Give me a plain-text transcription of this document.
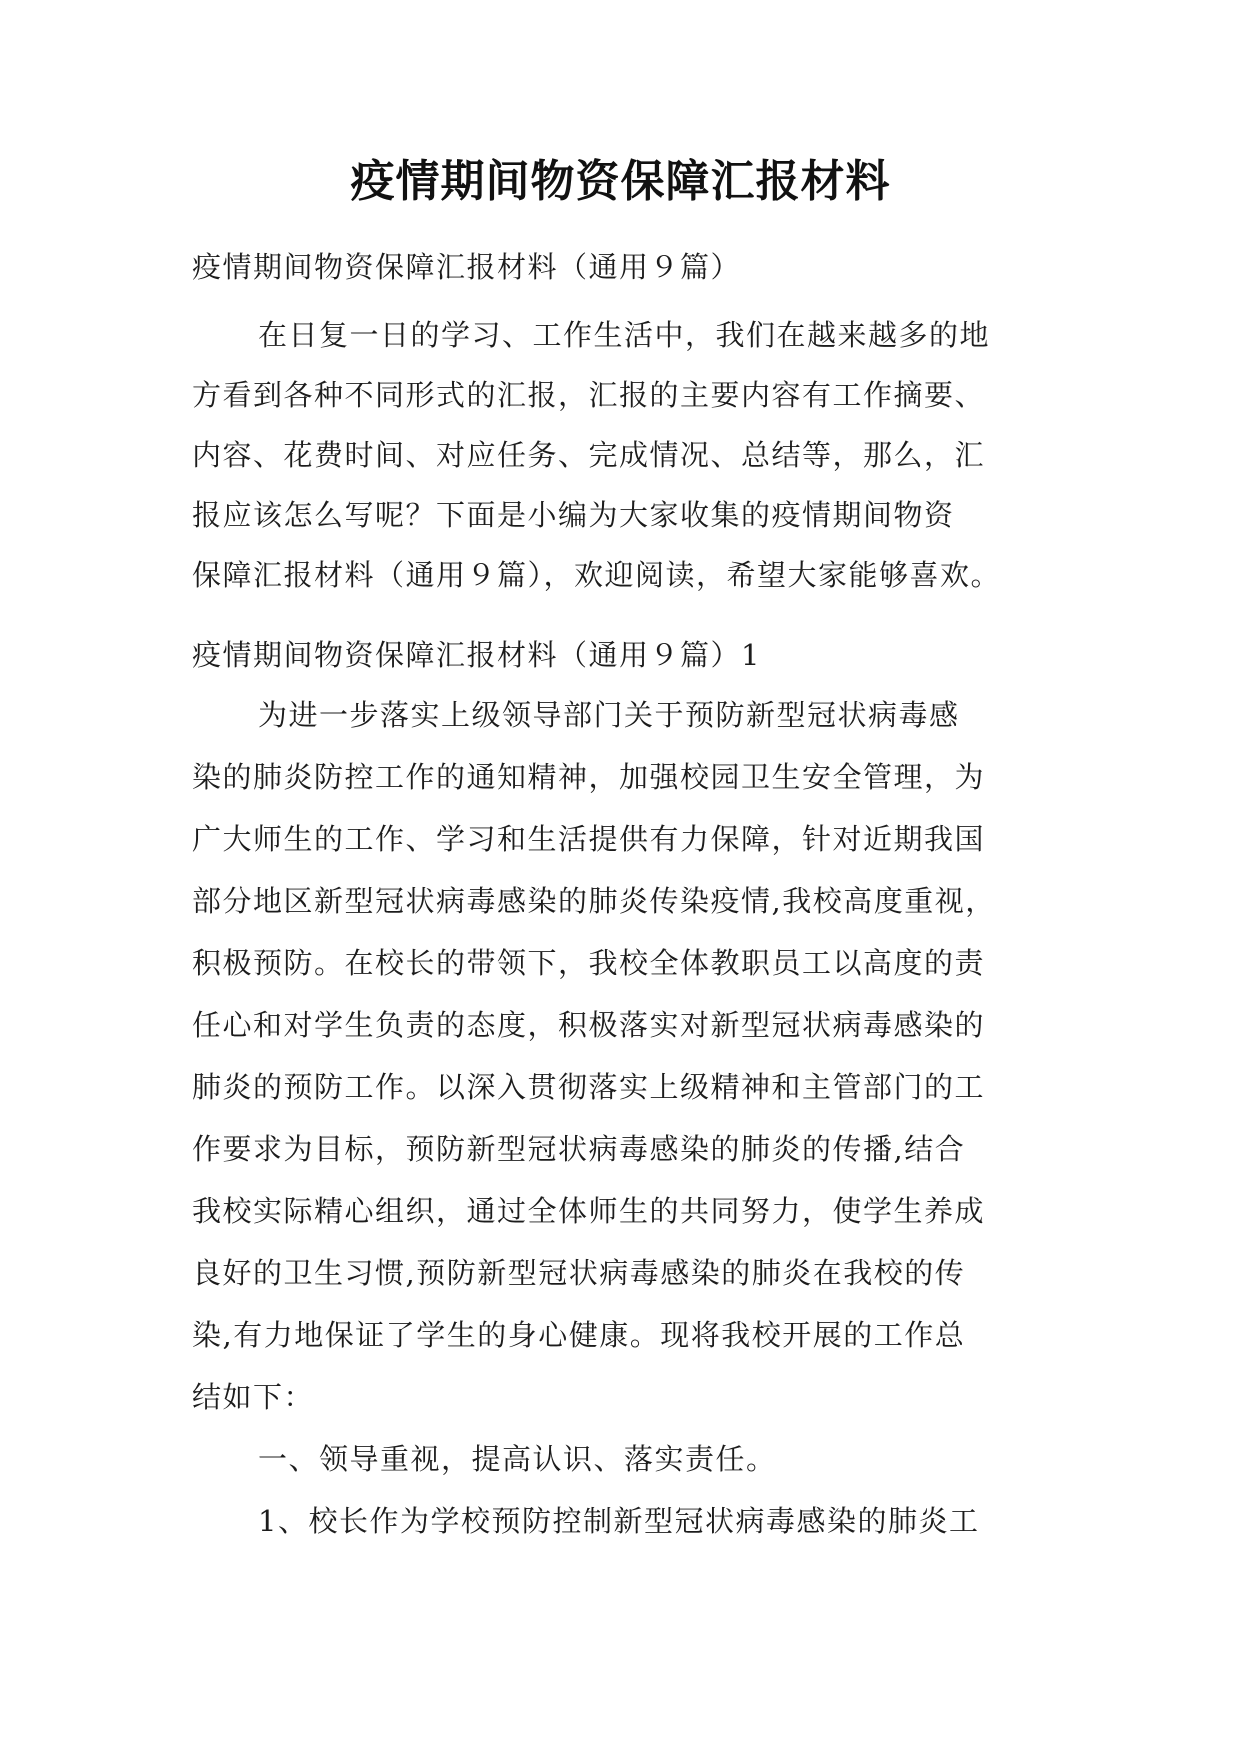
疫情期间物资保障汇报材料

疫情期间物资保障汇报材料（通用９篇）

在日复一日的学习、工作生活中，我们在越来越多的地

方看到各种不同形式的汇报，汇报的主要内容有工作摘要、

内容、花费时间、对应任务、完成情况、总结等，那么，汇

报应该怎么写呢？下面是小编为大家收集的疫情期间物资

保障汇报材料（通用９篇），欢迎阅读，希望大家能够喜欢。

疫情期间物资保障汇报材料（通用９篇）1

为进一步落实上级领导部门关于预防新型冠状病毒感

染的肺炎防控工作的通知精神，加强校园卫生安全管理，为

广大师生的工作、学习和生活提供有力保障，针对近期我国

部分地区新型冠状病毒感染的肺炎传染疫情,我校高度重视，

积极预防。在校长的带领下，我校全体教职员工以高度的责

任心和对学生负责的态度，积极落实对新型冠状病毒感染的

肺炎的预防工作。以深入贯彻落实上级精神和主管部门的工

作要求为目标，预防新型冠状病毒感染的肺炎的传播,结合

我校实际精心组织，通过全体师生的共同努力，使学生养成

良好的卫生习惯,预防新型冠状病毒感染的肺炎在我校的传

染,有力地保证了学生的身心健康。现将我校开展的工作总

结如下：

一、领导重视，提高认识、落实责任。

1、校长作为学校预防控制新型冠状病毒感染的肺炎工
